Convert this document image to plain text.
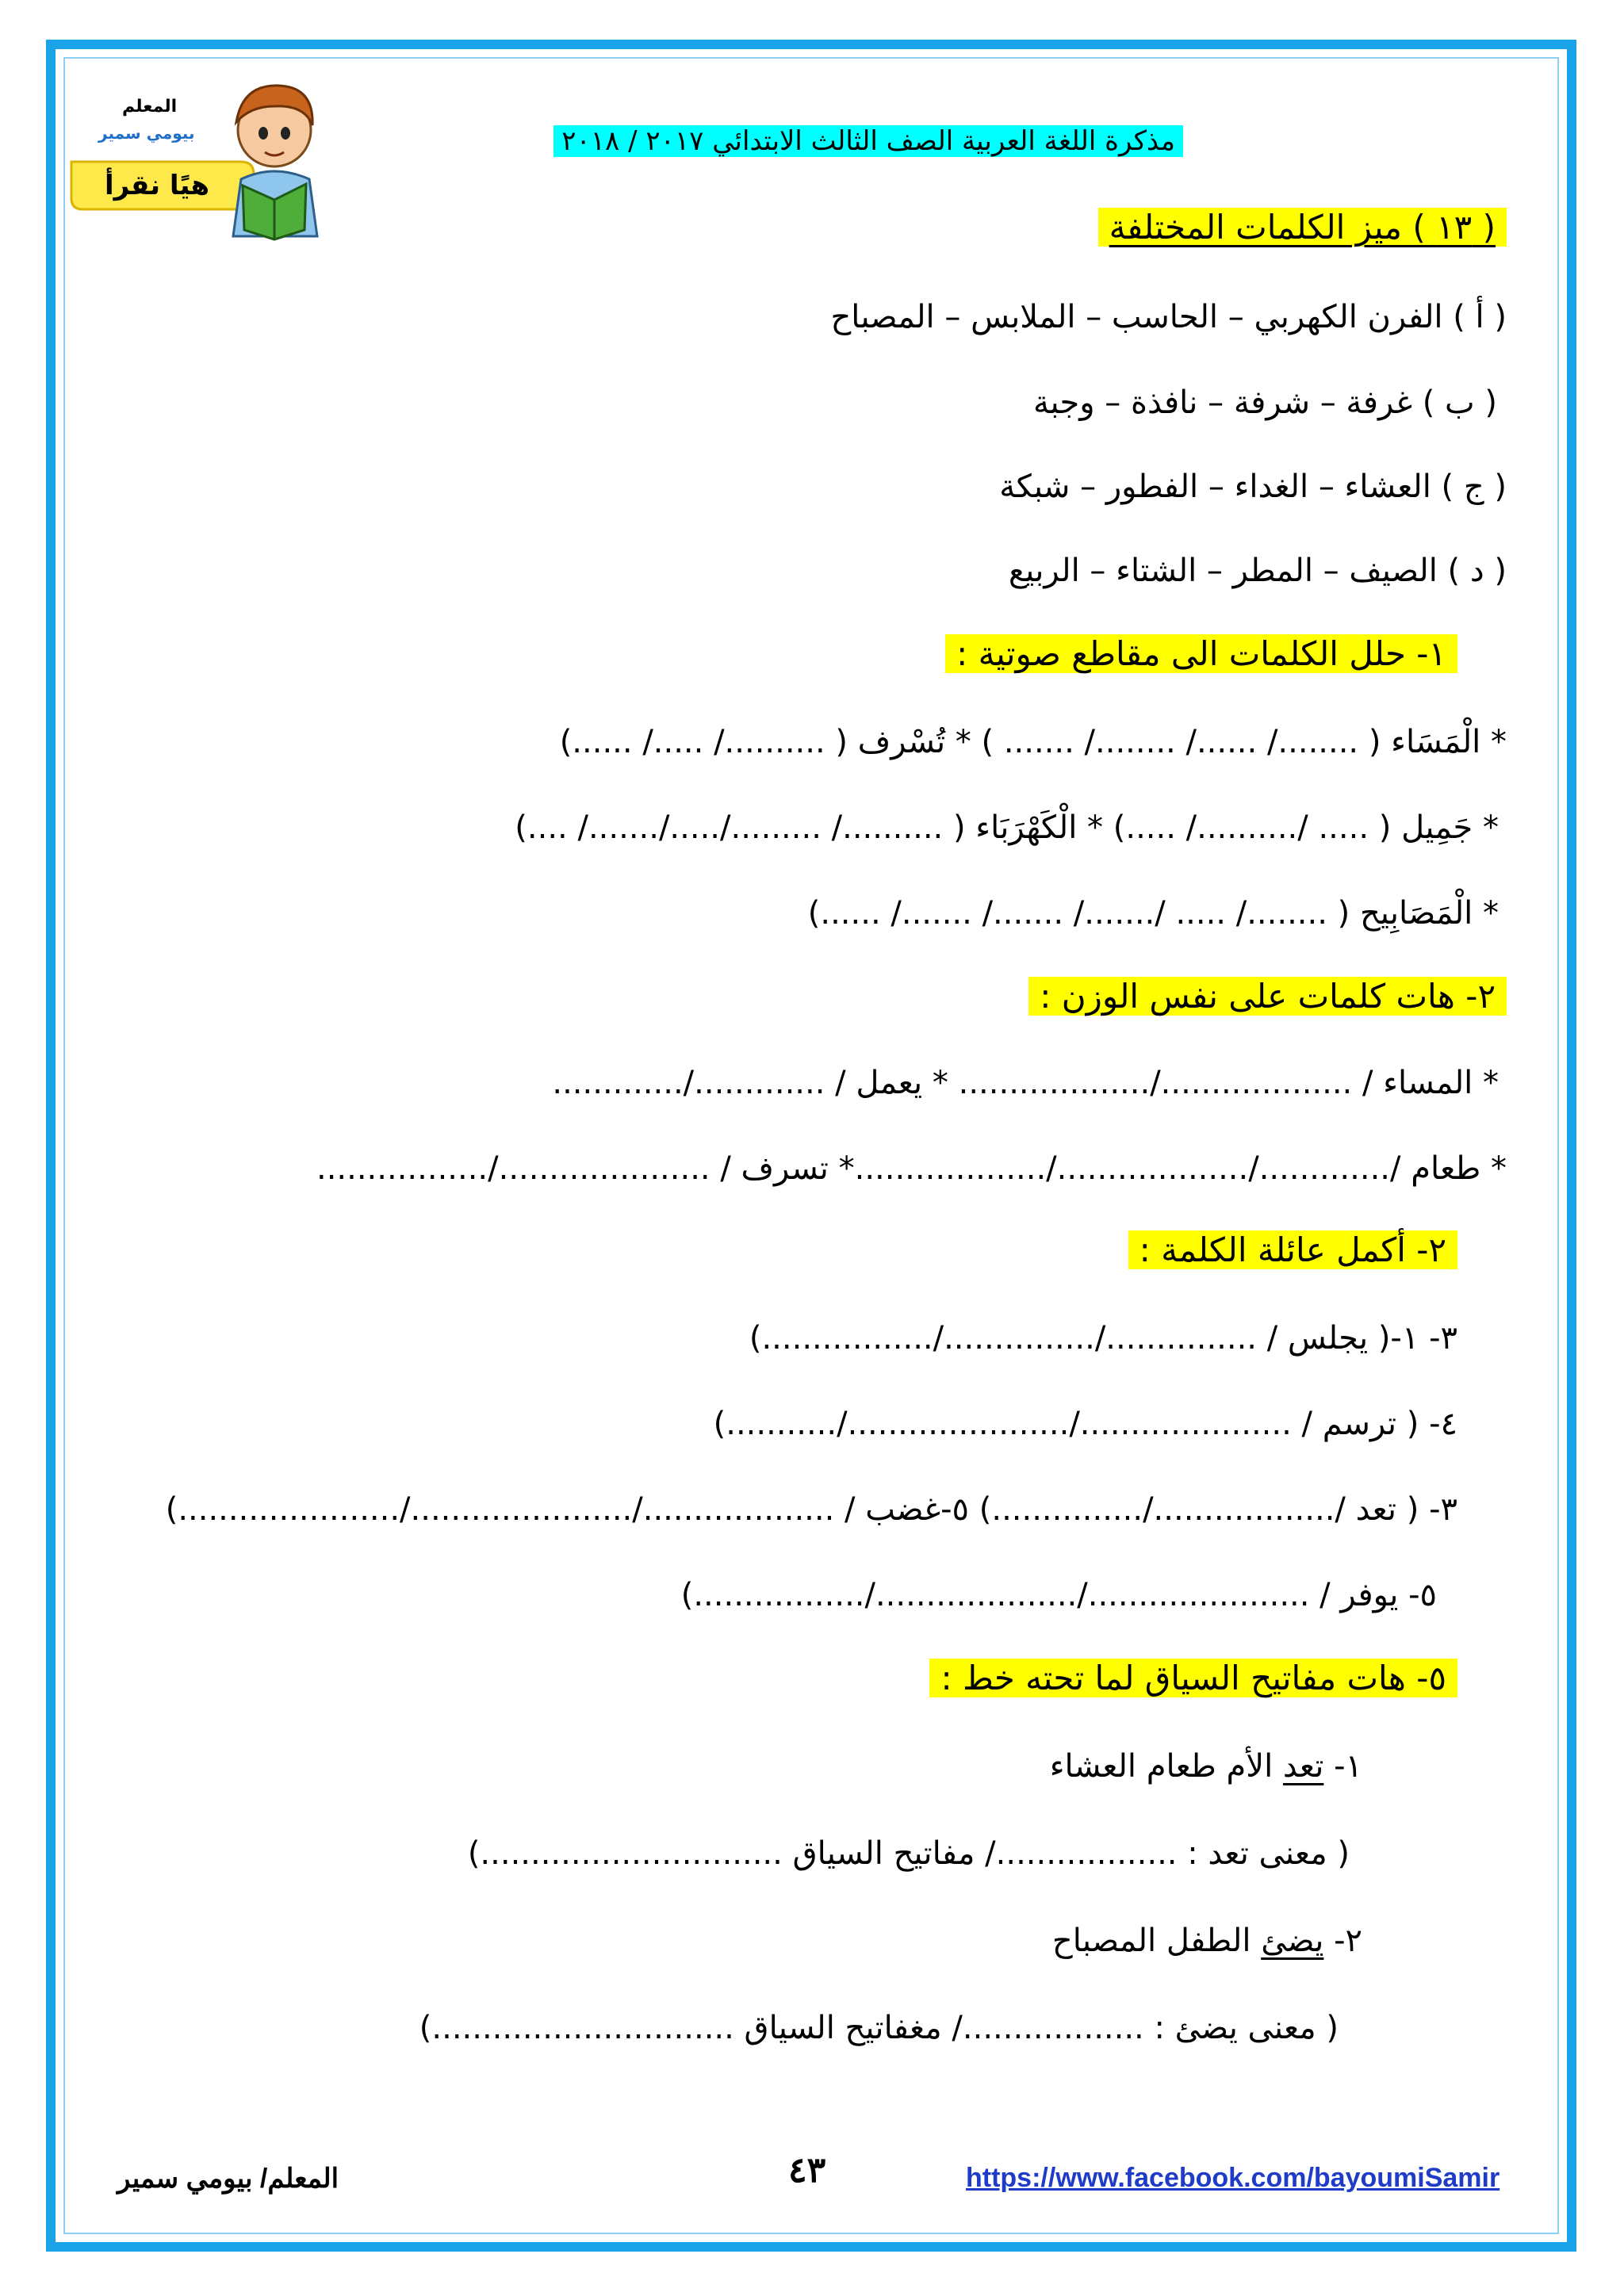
المعلم
بيومي سمير
هيًا نقرأ
مذكرة اللغة العربية الصف الثالث الابتدائي ٢٠١٧ / ٢٠١٨
( ١٣ ) ميز الكلمات المختلفة
( أ ) الفرن الكهربي – الحاسب – الملابس – المصباح
( ب ) غرفة – شرفة – نافذة – وجبة
( ج ) العشاء – الغداء – الفطور – شبكة
( د ) الصيف – المطر – الشتاء – الربيع
١- حلل الكلمات الى مقاطع صوتية :
* الْمَسَاء ( ......../ ....../ ......../ ....... ) * تُسْرف ( ........../ ...../ ......)
* جَمِيل ( ..... /........../ .....) * الْكَهْرَبَاء ( ........../ ........./...../......./ ....)
* الْمَصَابِيح ( ......../ ..... /......./ ......./ ......./ ......)
٢- هات كلمات على نفس الوزن :
* المساء / .................../................... * يعمل / ............./.............
* طعام /............./.................../...................* تسرف / ...................../.................
٢- أكمل عائلة الكلمة :
٣- ١-( يجلس / .............../.............../.................)
٤- ( ترسم / ...................../....................../...........)
٣- ( تعد /................../...............) ٥-غضب / .................../....................../......................)
٥- يوفر / ....................../..................../.................)
٥- هات مفاتيح السياق لما تحته خط :
١- تعد الأم طعام العشاء
( معنى تعد : ................../ مفاتيح السياق ..............................)
٢- يضئ الطفل المصباح
( معنى يضئ : ................../ مغفاتيح السياق ..............................)
المعلم/ بيومي سمير	٤٣	https://www.facebook.com/bayoumiSamir
